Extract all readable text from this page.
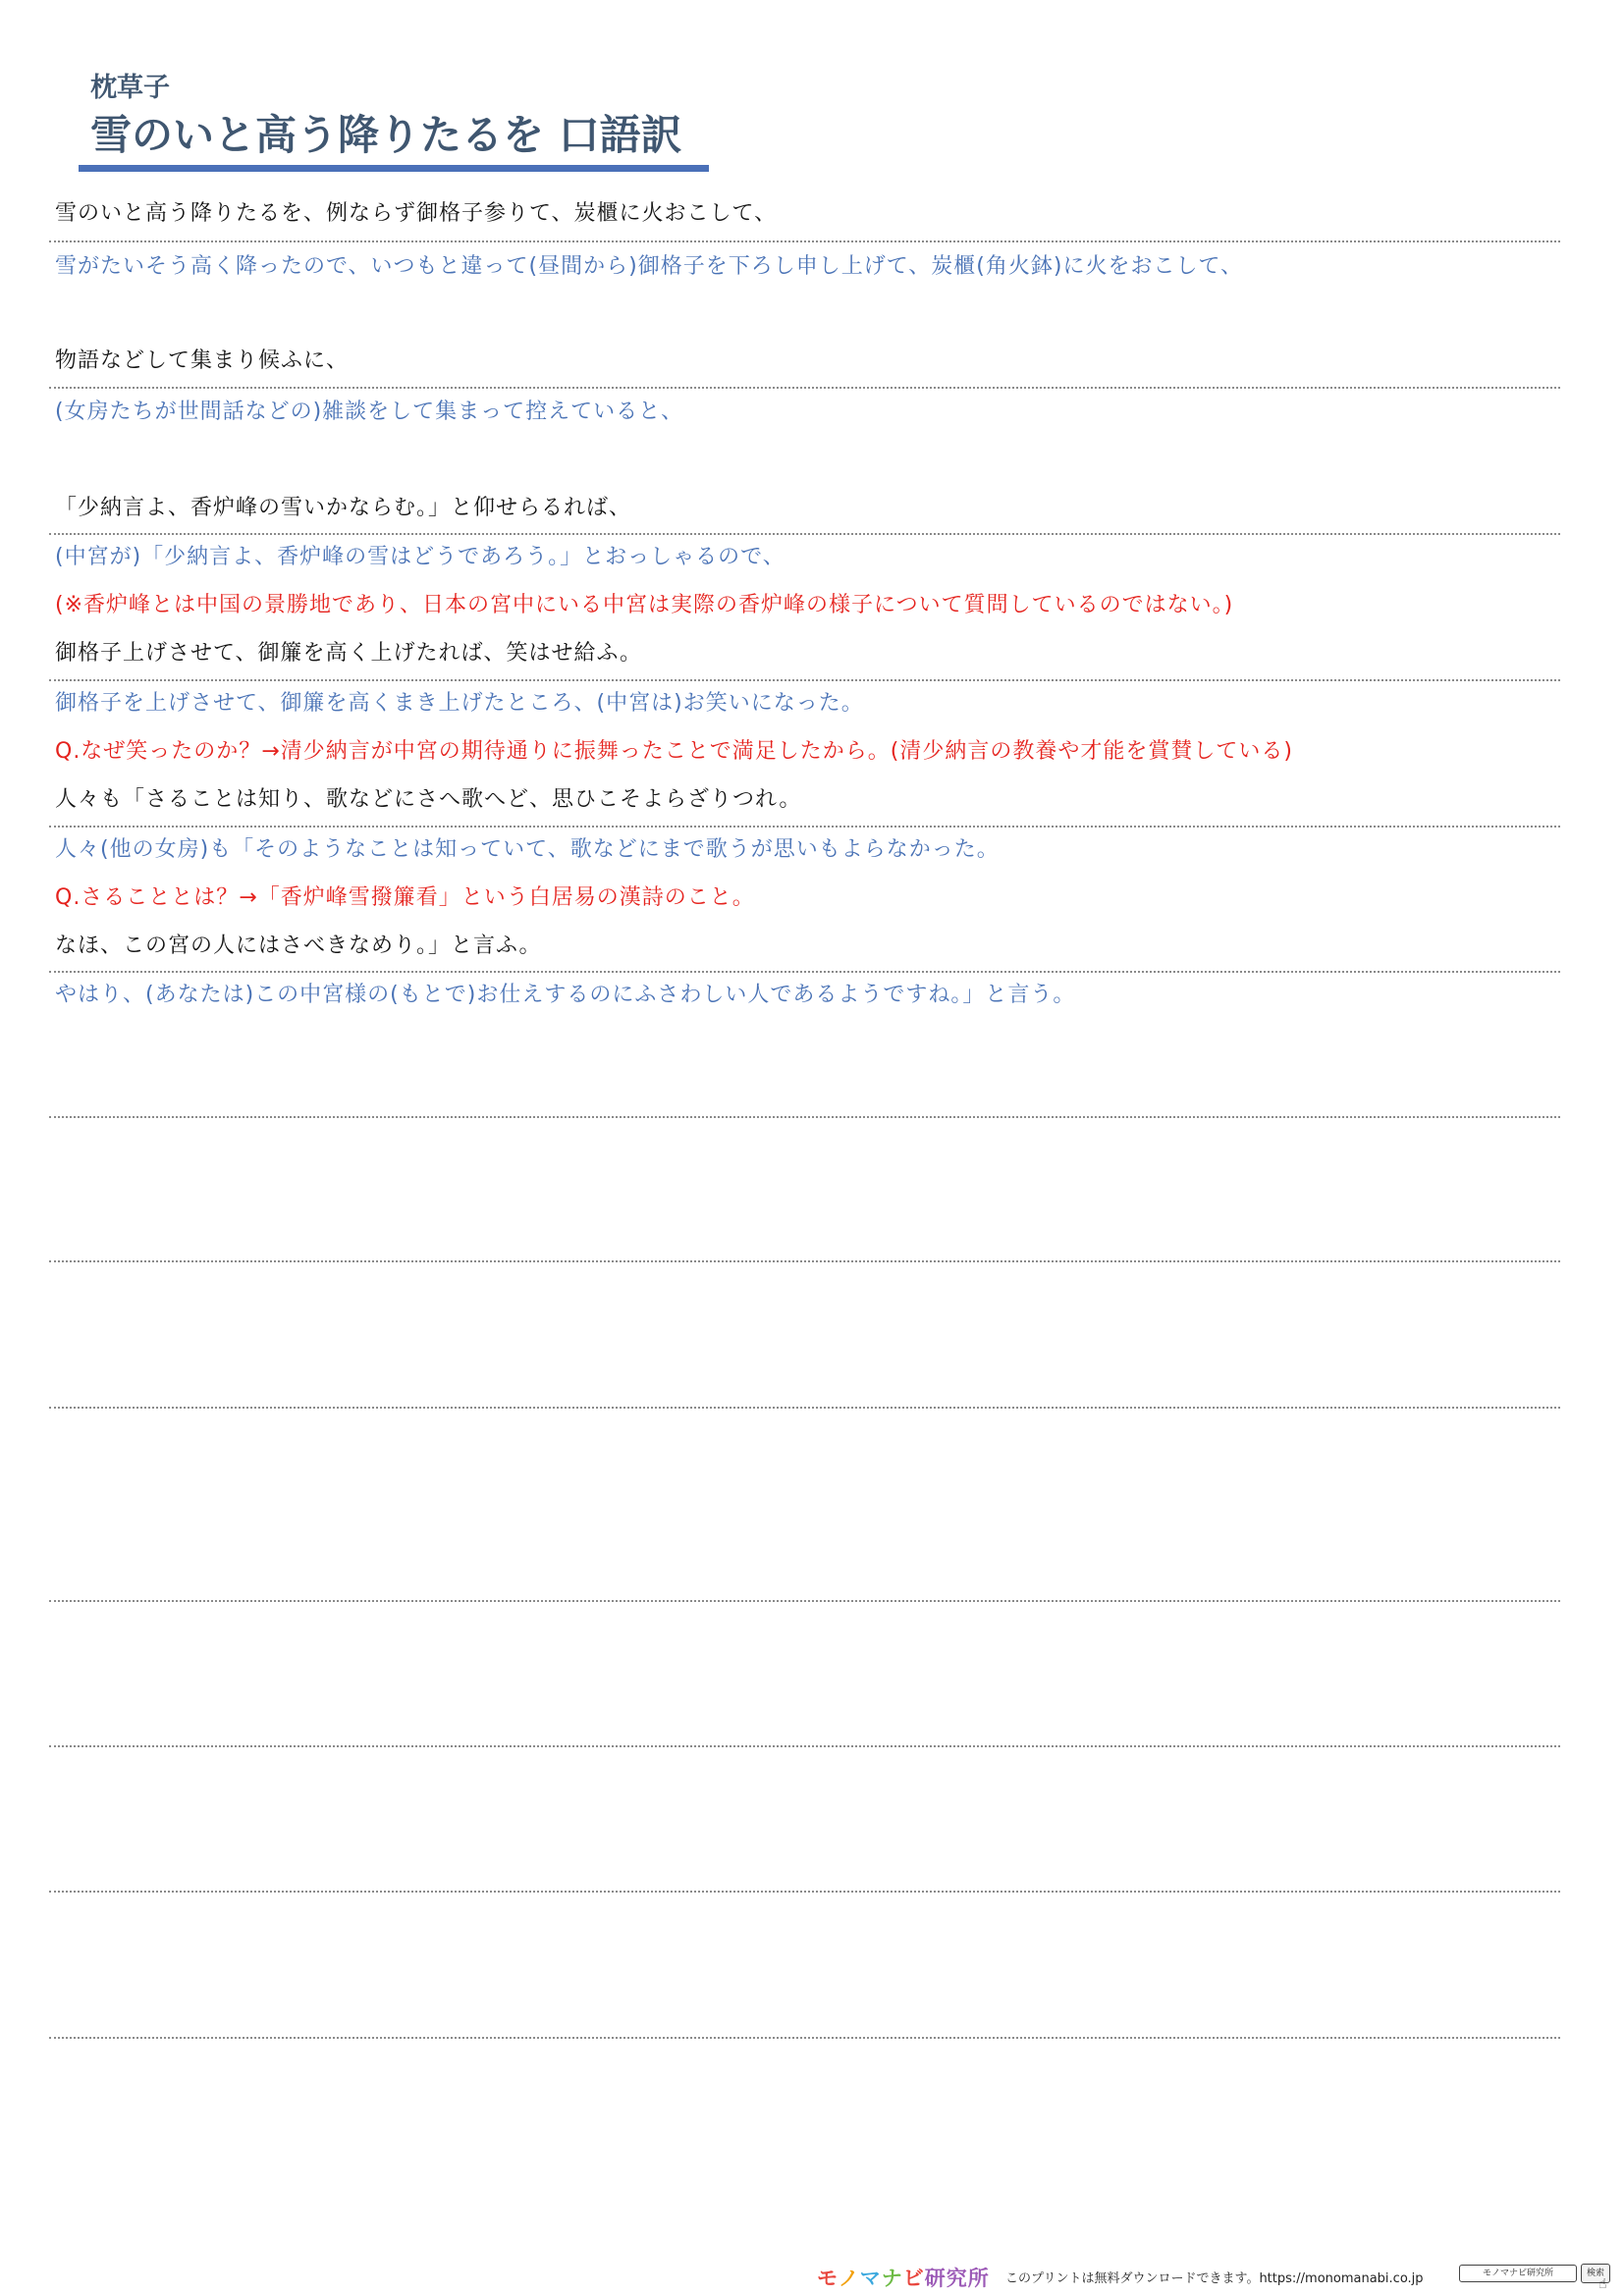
枕草子
雪のいと高う降りたるを 口語訳
雪のいと高う降りたるを、例ならず御格子参りて、炭櫃に火おこして、
雪がたいそう高く降ったので、いつもと違って(昼間から)御格子を下ろし申し上げて、炭櫃(角火鉢)に火をおこして、
物語などして集まり候ふに、
(女房たちが世間話などの)雑談をして集まって控えていると、
「少納言よ、香炉峰の雪いかならむ。」と仰せらるれば、
(中宮が)「少納言よ、香炉峰の雪はどうであろう。」とおっしゃるので、
(※香炉峰とは中国の景勝地であり、日本の宮中にいる中宮は実際の香炉峰の様子について質問しているのではない。)
御格子上げさせて、御簾を高く上げたれば、笑はせ給ふ。
御格子を上げさせて、御簾を高くまき上げたところ、(中宮は)お笑いになった。
Q.なぜ笑ったのか？→清少納言が中宮の期待通りに振舞ったことで満足したから。(清少納言の教養や才能を賞賛している)
人々も「さることは知り、歌などにさへ歌へど、思ひこそよらざりつれ。
人々(他の女房)も「そのようなことは知っていて、歌などにまで歌うが思いもよらなかった。
Q.さることとは？→「香炉峰雪撥簾看」という白居易の漢詩のこと。
なほ、この宮の人にはさべきなめり。」と言ふ。
やはり、(あなたは)この中宮様の(もとで)お仕えするのにふさわしい人であるようですね。」と言う。
モノマナビ研究所 このプリントは無料ダウンロードできます。https://monomanabi.co.jp	モノマナビ研究所	検索
☝
